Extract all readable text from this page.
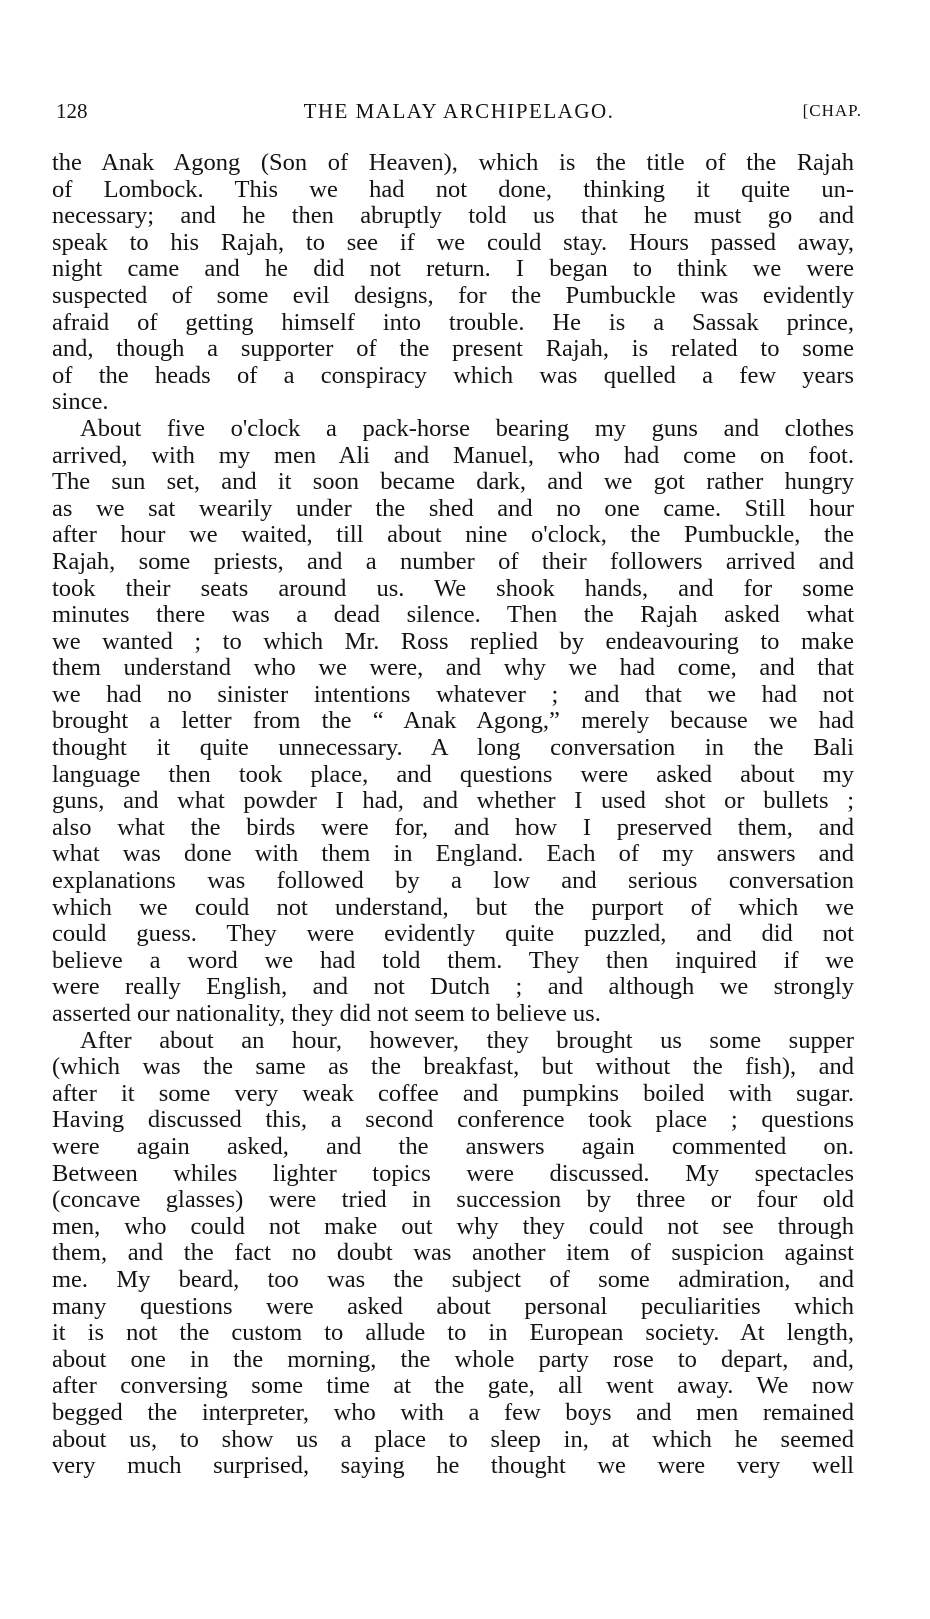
128	THE MALAY ARCHIPELAGO.	[CHAP.
the Anak Agong (Son of Heaven), which is the title of the Rajah
of Lombock. This we had not done, thinking it quite un-
necessary; and he then abruptly told us that he must go and
speak to his Rajah, to see if we could stay. Hours passed away,
night came and he did not return. I began to think we were
suspected of some evil designs, for the Pumbuckle was evidently
afraid of getting himself into trouble. He is a Sassak prince,
and, though a supporter of the present Rajah, is related to some
of the heads of a conspiracy which was quelled a few years
since.
About five o'clock a pack-horse bearing my guns and clothes
arrived, with my men Ali and Manuel, who had come on foot.
The sun set, and it soon became dark, and we got rather hungry
as we sat wearily under the shed and no one came. Still hour
after hour we waited, till about nine o'clock, the Pumbuckle, the
Rajah, some priests, and a number of their followers arrived and
took their seats around us. We shook hands, and for some
minutes there was a dead silence. Then the Rajah asked what
we wanted ; to which Mr. Ross replied by endeavouring to make
them understand who we were, and why we had come, and that
we had no sinister intentions whatever ; and that we had not
brought a letter from the “ Anak Agong,” merely because we had
thought it quite unnecessary. A long conversation in the Bali
language then took place, and questions were asked about my
guns, and what powder I had, and whether I used shot or bullets ;
also what the birds were for, and how I preserved them, and
what was done with them in England. Each of my answers and
explanations was followed by a low and serious conversation
which we could not understand, but the purport of which we
could guess. They were evidently quite puzzled, and did not
believe a word we had told them. They then inquired if we
were really English, and not Dutch ; and although we strongly
asserted our nationality, they did not seem to believe us.
After about an hour, however, they brought us some supper
(which was the same as the breakfast, but without the fish), and
after it some very weak coffee and pumpkins boiled with sugar.
Having discussed this, a second conference took place ; questions
were again asked, and the answers again commented on.
Between whiles lighter topics were discussed. My spectacles
(concave glasses) were tried in succession by three or four old
men, who could not make out why they could not see through
them, and the fact no doubt was another item of suspicion against
me. My beard, too was the subject of some admiration, and
many questions were asked about personal peculiarities which
it is not the custom to allude to in European society. At length,
about one in the morning, the whole party rose to depart, and,
after conversing some time at the gate, all went away. We now
begged the interpreter, who with a few boys and men remained
about us, to show us a place to sleep in, at which he seemed
very much surprised, saying he thought we were very well
